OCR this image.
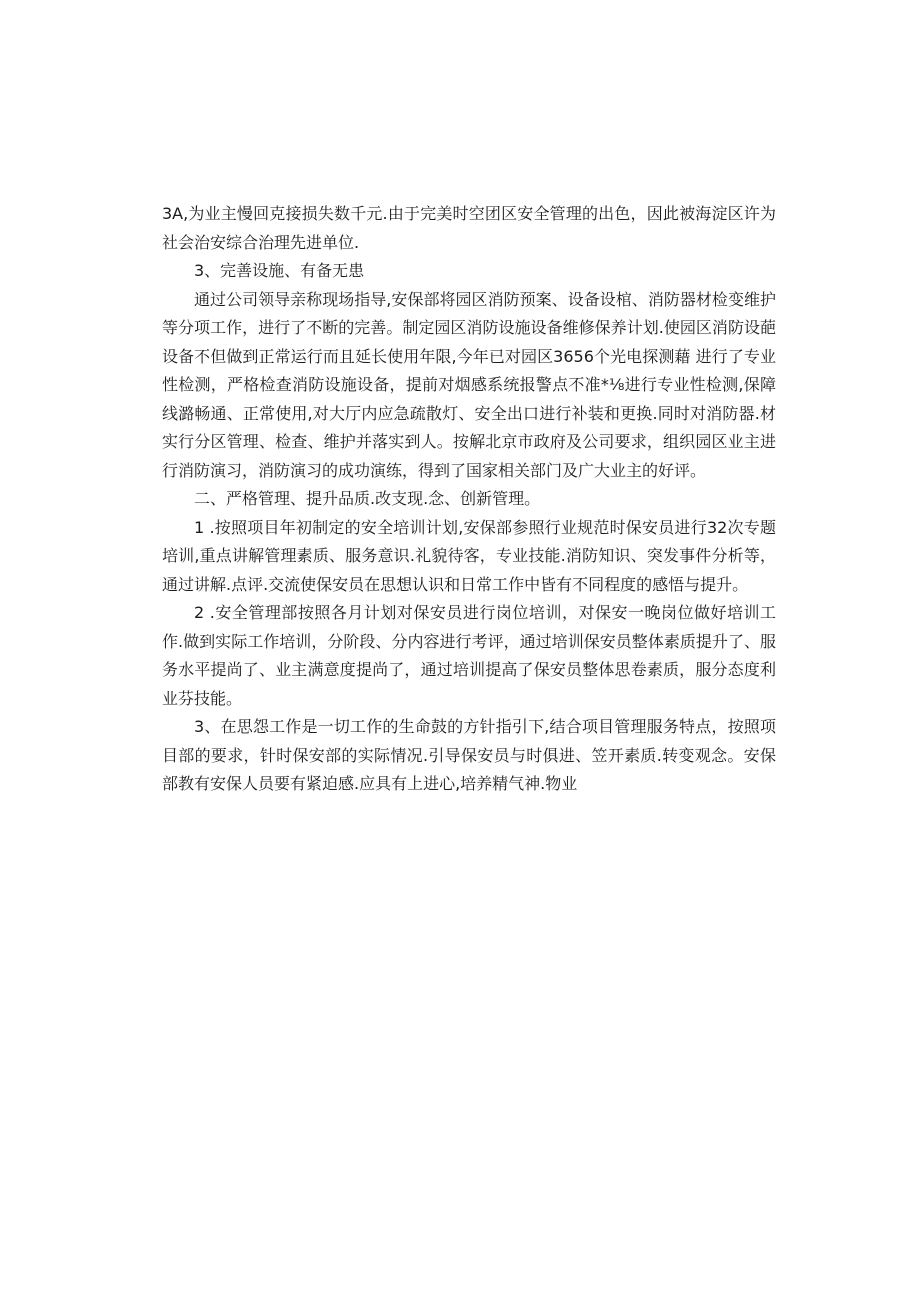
3A,为业主慢回克接损失数千元.由于完美时空团区安全管理的出色，因此被海淀区许为社会治安综合治理先进单位.

3、完善设施、有备无患

通过公司领导亲称现场指导,安保部将园区消防预案、设备设棺、消防器材检变维护等分项工作，进行了不断的完善。制定园区消防设施设备维修保养计划.使园区消防设葩设备不但做到正常运行而且延长使用年限,今年已对园区3656个光电探测藉 进行了专业性检测，严格检查消防设施设备，提前对烟感系统报警点不准*⅛进行专业性检测,保障线潞畅通、正常使用,对大厅内应急疏散灯、安全出口进行补装和更换.同时对消防器.材实行分区管理、检查、维护并落实到人。按解北京市政府及公司要求，组织园区业主进行消防演习，消防演习的成功演练，得到了国家相关部门及广大业主的好评。

二、严格管理、提升品质.改支现.念、创新管理。

1 .按照项目年初制定的安全培训计划,安保部参照行业规范时保安员进行32次专题培训,重点讲解管理素质、服务意识.礼貌待客，专业技能.消防知识、突发事件分析等，通过讲解.点评.交流使保安员在思想认识和日常工作中皆有不同程度的感悟与提升。

2 .安全管理部按照各月计划对保安员进行岗位培训，对保安一晚岗位做好培训工作.做到实际工作培训，分阶段、分内容进行考评，通过培训保安员整体素质提升了、服务水平提尚了、业主满意度提尚了，通过培训提高了保安员整体思卷素质，服分态度利业芬技能。

3、在思怨工作是一切工作的生命鼓的方针指引下,结合项目管理服务特点，按照项目部的要求，针时保安部的实际情况.引导保安员与时俱进、笠开素质.转变观念。安保部教有安保人员要有紧迫感.应具有上进心,培养精气神.物业
